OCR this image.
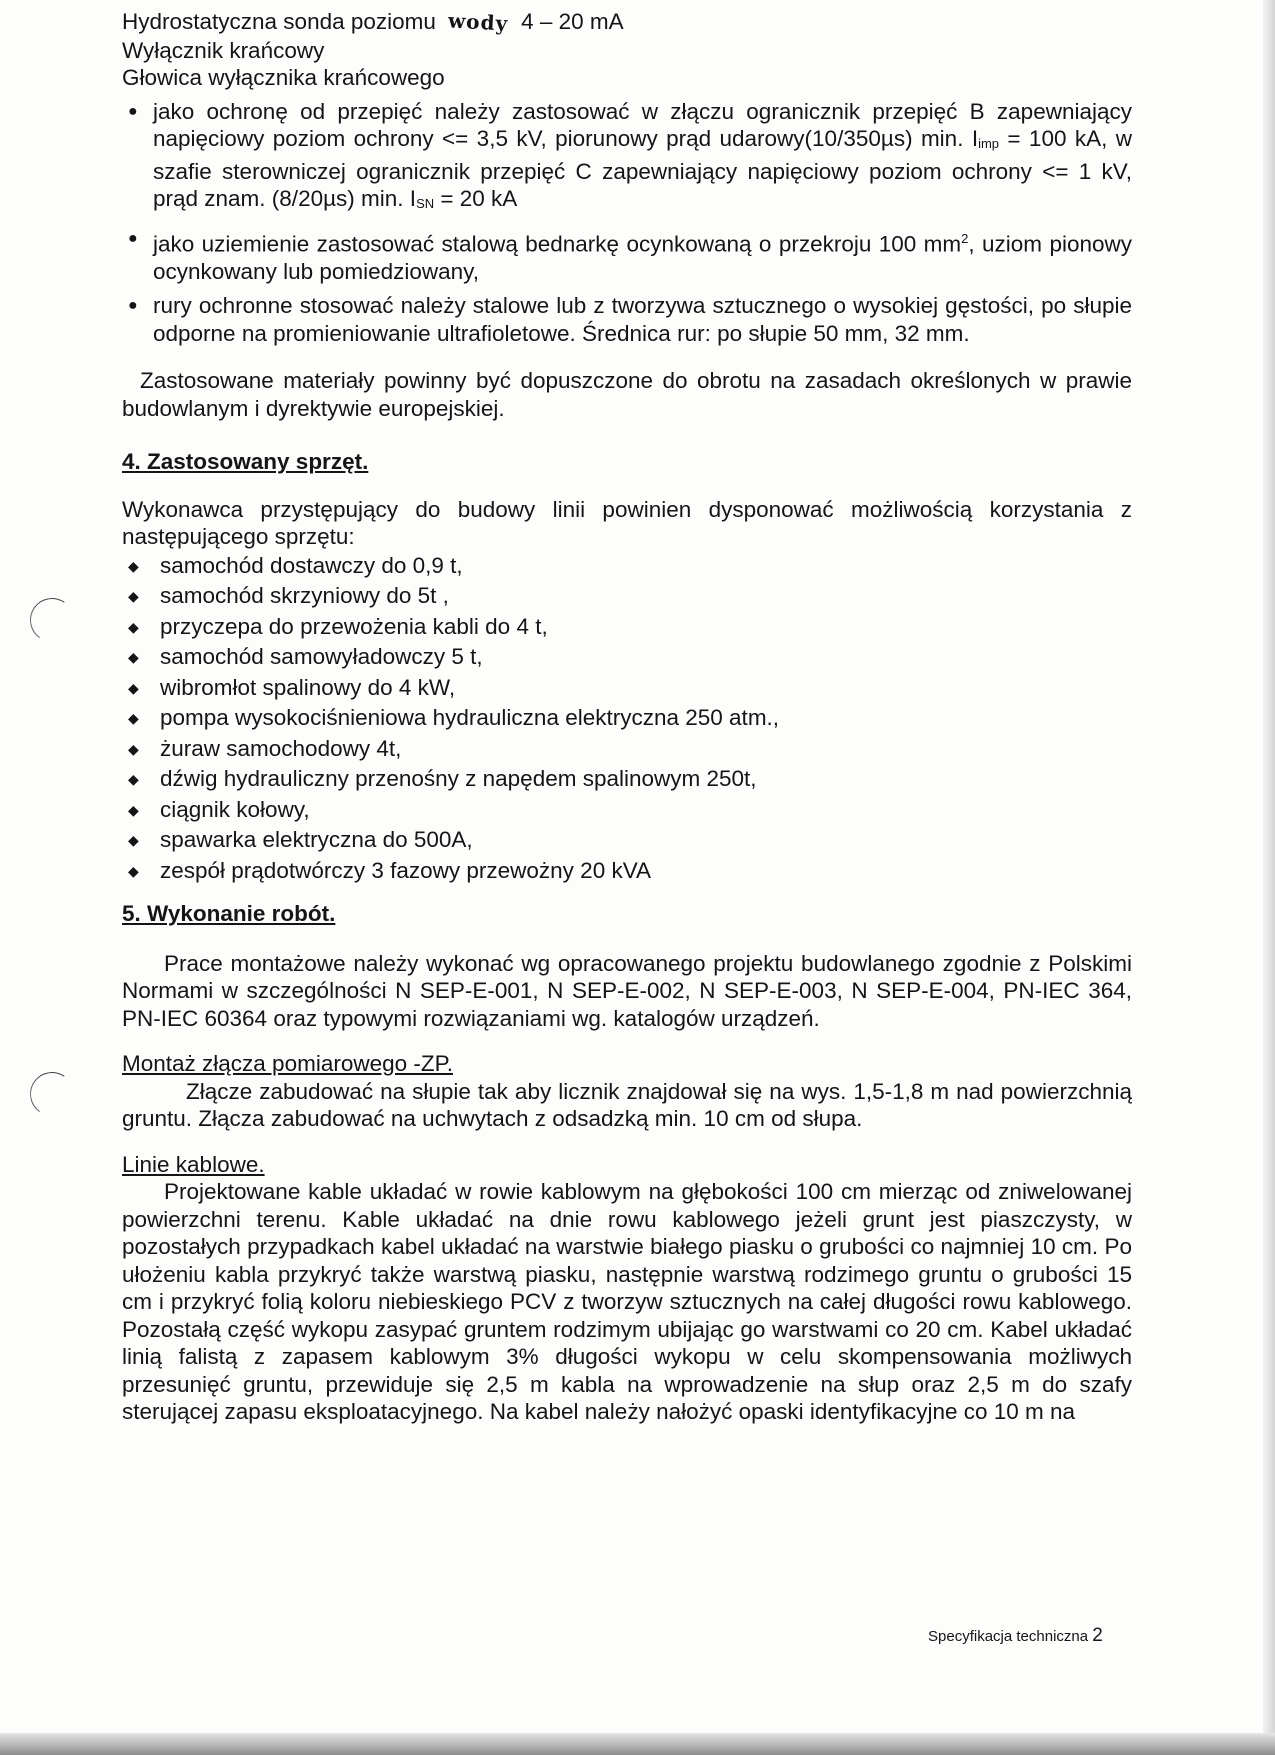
Hydrostatyczna sonda poziomu wody 4 – 20 mA

Wyłącznik krańcowy

Głowica wyłącznika krańcowego

● jako ochronę od przepięć należy zastosować w złączu ogranicznik przepięć B zapewniający napięciowy poziom ochrony <= 3,5 kV, piorunowy prąd udarowy(10/350µs) min. $I_{imp} = 100$ kA, w szafie sterowniczej ogranicznik przepięć C zapewniający napięciowy poziom ochrony <= 1 kV, prąd znam. (8/20µs) min. $I_{SN} = 20$ kA
● jako uziemienie zastosować stalową bednarkę ocynkowaną o przekroju 100 $mm^2$, uziom pionowy ocynkowany lub pomiedziowany,
● rury ochronne stosować należy stalowe lub z tworzywa sztucznego o wysokiej gęstości, po słupie odporne na promieniowanie ultrafioletowe. Średnica rur: po słupie 50 mm, 32 mm.

Zastosowane materiały powinny być dopuszczone do obrotu na zasadach określonych w prawie budowlanym i dyrektywie europejskiej.

4. Zastosowany sprzęt.

Wykonawca przystępujący do budowy linii powinien dysponować możliwością korzystania z następującego sprzętu:

◆ samochód dostawczy do 0,9 t,
◆ samochód skrzyniowy do 5t ,
◆ przyczepa do przewożenia kabli do 4 t,
◆ samochód samowyładowczy 5 t,
◆ wibromłot spalinowy do 4 kW,
◆ pompa wysokociśnieniowa hydrauliczna elektryczna 250 atm.,
◆ żuraw samochodowy 4t,
◆ dźwig hydrauliczny przenośny z napędem spalinowym 250t,
◆ ciągnik kołowy,
◆ spawarka elektryczna do 500A,
◆ zespół prądotwórczy 3 fazowy przewożny 20 kVA

5. Wykonanie robót.

Prace montażowe należy wykonać wg opracowanego projektu budowlanego zgodnie z Polskimi Normami w szczególności N SEP-E-001, N SEP-E-002, N SEP-E-003, N SEP-E-004, PN-IEC 364, PN-IEC 60364 oraz typowymi rozwiązaniami wg. katalogów urządzeń.

Montaż złącza pomiarowego -ZP.

Złącze zabudować na słupie tak aby licznik znajdował się na wys. 1,5-1,8 m nad powierzchnią gruntu. Złącza zabudować na uchwytach z odsadzką min. 10 cm od słupa.

Linie kablowe.

Projektowane kable układać w rowie kablowym na głębokości 100 cm mierząc od zniwelowanej powierzchni terenu. Kable układać na dnie rowu kablowego jeżeli grunt jest piaszczysty, w pozostałych przypadkach kabel układać na warstwie białego piasku o grubości co najmniej 10 cm. Po ułożeniu kabla przykryć także warstwą piasku, następnie warstwą rodzimego gruntu o grubości 15 cm i przykryć folią koloru niebieskiego PCV z tworzyw sztucznych na całej długości rowu kablowego. Pozostałą część wykopu zasypać gruntem rodzimym ubijając go warstwami co 20 cm. Kabel układać linią falistą z zapasem kablowym 3% długości wykopu w celu skompensowania możliwych przesunięć gruntu, przewiduje się 2,5 m kabla na wprowadzenie na słup oraz 2,5 m do szafy sterującej zapasu eksploatacyjnego. Na kabel należy nałożyć opaski identyfikacyjne co 10 m na

Specyfikacja techniczna 2
